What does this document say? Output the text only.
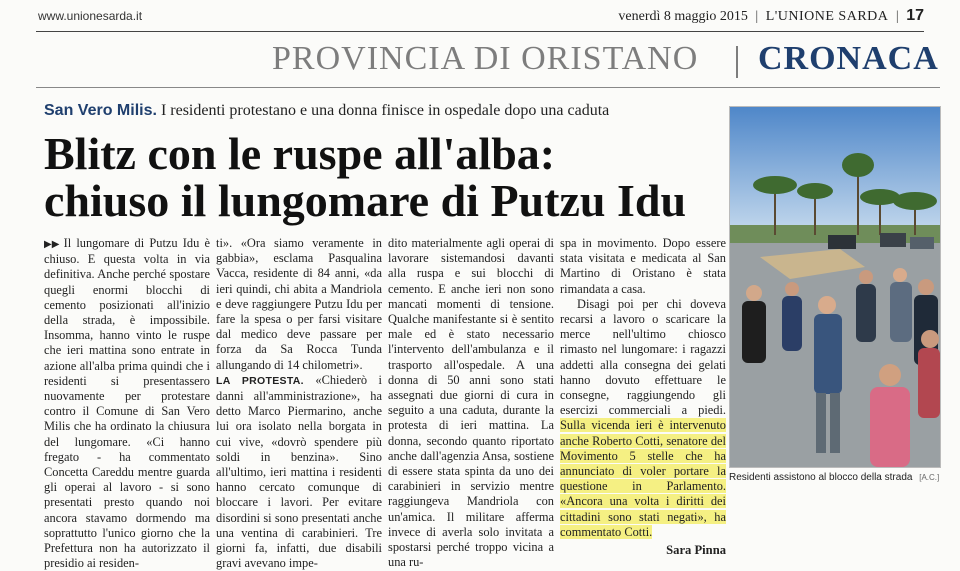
www.unionesarda.it	venerdì 8 maggio 2015 | L'UNIONE SARDA | 17
PROVINCIA DI ORISTANO CRONACA
San Vero Milis. I residenti protestano e una donna finisce in ospedale dopo una caduta
Blitz con le ruspe all'alba:
chiuso il lungomare di Putzu Idu

▶▶ Il lungomare di Putzu Idu è chiuso. E questa volta in via definitiva. Anche perché spostare quegli enormi blocchi di cemento posizionati all'inizio della strada, è impossibile. Insomma, hanno vinto le ruspe che ieri mattina sono entrate in azione all'alba prima quindi che i residenti si presentassero nuovamente per protestare contro il Comune di San Vero Milis che ha ordinato la chiusura del lungomare. «Ci hanno fregato - ha commentato Concetta Careddu mentre guarda gli operai al lavoro - si sono presentati presto quando noi ancora stavamo dormendo ma soprattutto l'unico giorno che la Prefettura non ha autorizzato il presidio ai residen-

ti». «Ora siamo veramente in gabbia», esclama Pasqualina Vacca, residente di 84 anni, «da ieri quindi, chi abita a Mandriola e deve raggiungere Putzu Idu per fare la spesa o per farsi visitare dal medico deve passare per forza da Sa Rocca Tunda allungando di 14 chilometri».

LA PROTESTA. «Chiederò i danni all'amministrazione», ha detto Marco Piermarino, anche lui ora isolato nella borgata in cui vive, «dovrò spendere più soldi in benzina». Sino all'ultimo, ieri mattina i residenti hanno cercato comunque di bloccare i lavori. Per evitare disordini si sono presentati anche una ventina di carabinieri. Tre giorni fa, infatti, due disabili gravi avevano impe-

dito materialmente agli operai di lavorare sistemandosi davanti alla ruspa e sui blocchi di cemento. E anche ieri non sono mancati momenti di tensione. Qualche manifestante si è sentito male ed è stato necessario l'intervento dell'ambulanza e il trasporto all'ospedale. A una donna di 50 anni sono stati assegnati due giorni di cura in seguito a una caduta, durante la protesta di ieri mattina. La donna, secondo quanto riportato anche dall'agenzia Ansa, sostiene di essere stata spinta da uno dei carabinieri in servizio mentre raggiungeva Mandriola con un'amica. Il militare afferma invece di averla solo invitata a spostarsi perché troppo vicina a una ru-

spa in movimento. Dopo essere stata visitata e medicata al San Martino di Oristano è stata rimandata a casa.

Disagi poi per chi doveva recarsi a lavoro o scaricare la merce nell'ultimo chiosco rimasto nel lungomare: i ragazzi addetti alla consegna dei gelati hanno dovuto effettuare le consegne, raggiungendo gli esercizi commerciali a piedi. Sulla vicenda ieri è intervenuto anche Roberto Cotti, senatore del Movimento 5 stelle che ha annunciato di voler portare la questione in Parlamento. «Ancora una volta i diritti dei cittadini sono stati negati», ha commentato Cotti.

Sara Pinna
Residenti assistono al blocco della strada [A.C.]
